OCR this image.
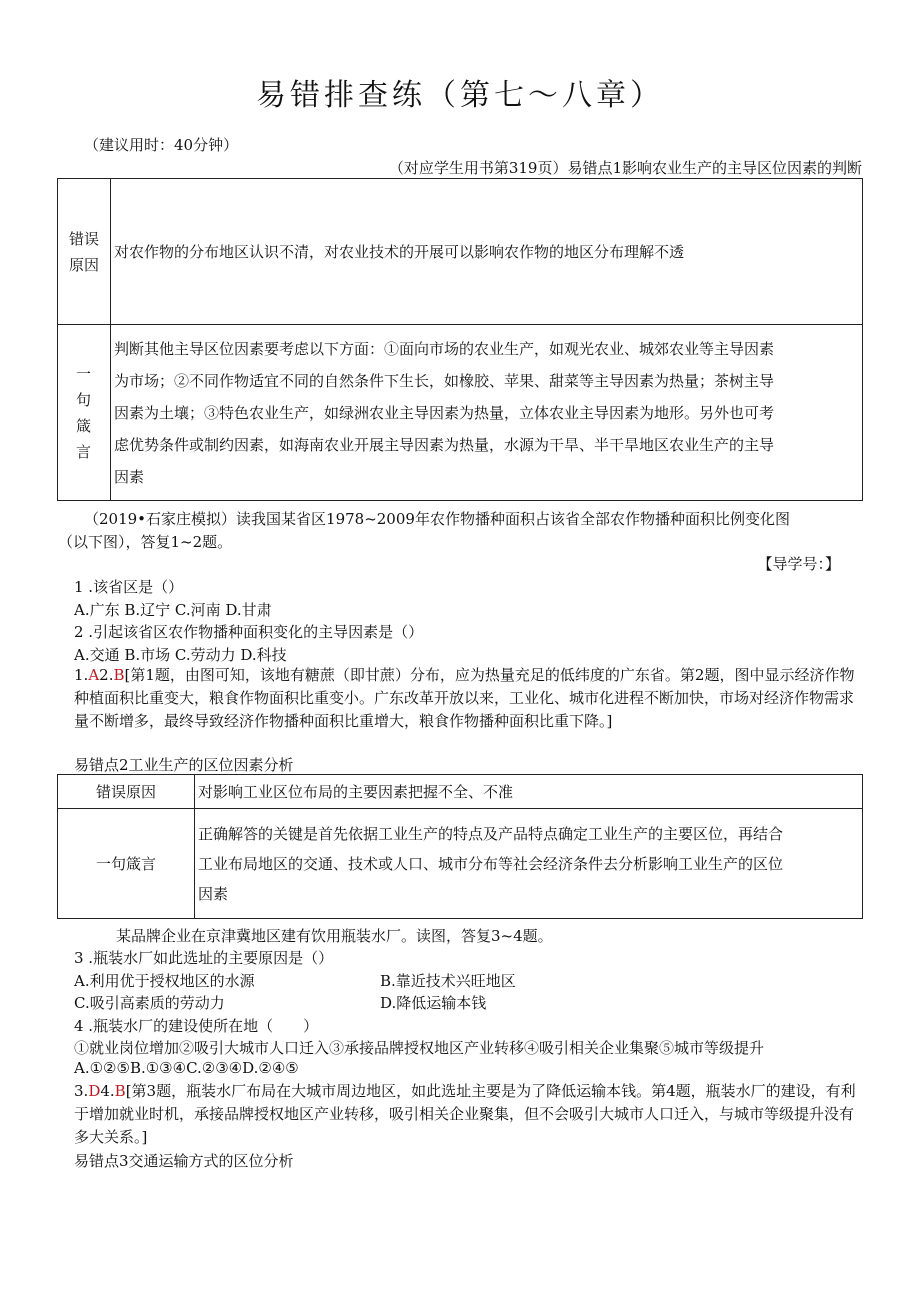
易错排查练（第七～八章）
（建议用时：40分钟）
（对应学生用书第319页）易错点1影响农业生产的主导区位因素的判断
错误原因	对农作物的分布地区认识不清，对农业技术的开展可以影响农作物的地区分布理解不透

一句箴言	判断其他主导区位因素要考虑以下方面：①面向市场的农业生产，如观光农业、城郊农业等主导因素
为市场；②不同作物适宜不同的自然条件下生长，如橡胶、苹果、甜菜等主导因素为热量；茶树主导
因素为土壤；③特色农业生产，如绿洲农业主导因素为热量，立体农业主导因素为地形。另外也可考
虑优势条件或制约因素，如海南农业开展主导因素为热量，水源为干旱、半干旱地区农业生产的主导
因素
（2019•石家庄模拟）读我国某省区1978~2009年农作物播种面积占该省全部农作物播种面积比例变化图
（以下图），答复1~2题。
【导学号：】
1 .该省区是（）
A.广东 B.辽宁 C.河南 D.甘肃
2 .引起该省区农作物播种面积变化的主导因素是（）
A.交通 B.市场 C.劳动力 D.科技
1.A2.B[第1题，由图可知，该地有糖蔗（即甘蔗）分布，应为热量充足的低纬度的广东省。第2题，图中显示经济作物种植面积比重变大，粮食作物面积比重变小。广东改革开放以来，工业化、城市化进程不断加快，市场对经济作物需求量不断增多，最终导致经济作物播种面积比重增大，粮食作物播种面积比重下降。]
易错点2工业生产的区位因素分析
错误原因	对影响工业区位布局的主要因素把握不全、不准
一句箴言	正确解答的关键是首先依据工业生产的特点及产品特点确定工业生产的主要区位，再结合
工业布局地区的交通、技术或人口、城市分布等社会经济条件去分析影响工业生产的区位
因素
某品牌企业在京津冀地区建有饮用瓶装水厂。读图，答复3~4题。
3 .瓶装水厂如此选址的主要原因是（）
A.利用优于授权地区的水源	B.靠近技术兴旺地区
C.吸引高素质的劳动力	D.降低运输本钱
4 .瓶装水厂的建设使所在地（　　）
①就业岗位增加②吸引大城市人口迁入③承接品牌授权地区产业转移④吸引相关企业集聚⑤城市等级提升
A.①②⑤B.①③④C.②③④D.②④⑤
3.D4.B[第3题，瓶装水厂布局在大城市周边地区，如此选址主要是为了降低运输本钱。第4题，瓶装水厂的建设，有利于增加就业时机，承接品牌授权地区产业转移，吸引相关企业聚集，但不会吸引大城市人口迁入，与城市等级提升没有多大关系。]
易错点3交通运输方式的区位分析
